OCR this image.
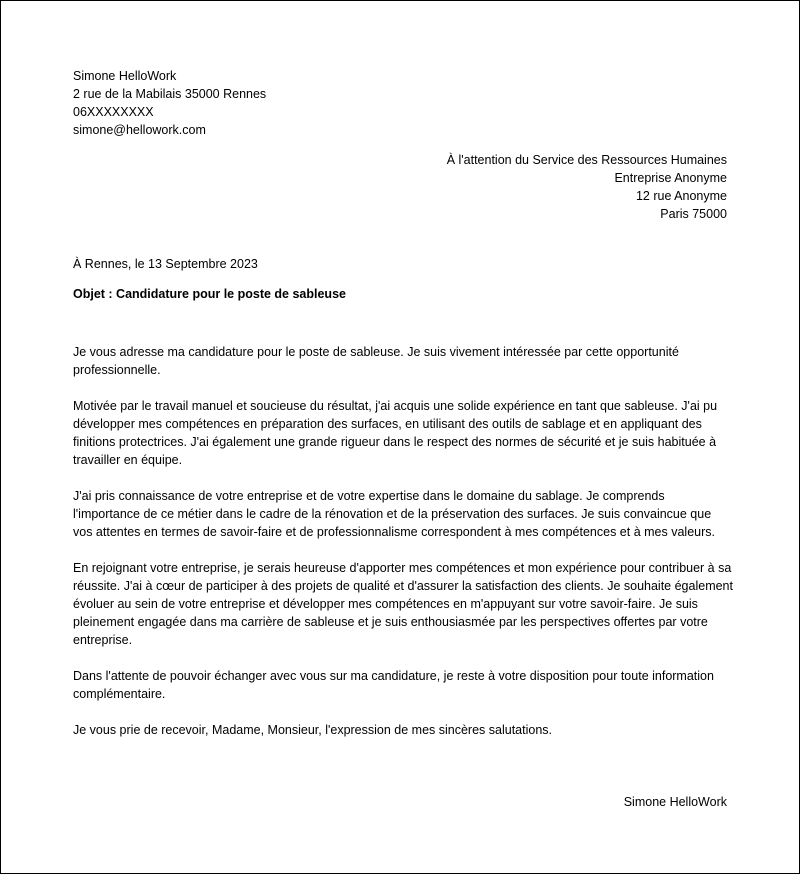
Simone HelloWork
2 rue de la Mabilais 35000 Rennes
06XXXXXXXX
simone@hellowork.com
À l'attention du Service des Ressources Humaines
Entreprise Anonyme
12 rue Anonyme
Paris 75000
À Rennes, le 13 Septembre 2023
Objet : Candidature pour le poste de sableuse

Je vous adresse ma candidature pour le poste de sableuse. Je suis vivement intéressée par cette opportunité professionnelle.

Motivée par le travail manuel et soucieuse du résultat, j'ai acquis une solide expérience en tant que sableuse. J'ai pu développer mes compétences en préparation des surfaces, en utilisant des outils de sablage et en appliquant des finitions protectrices. J'ai également une grande rigueur dans le respect des normes de sécurité et je suis habituée à travailler en équipe.

J'ai pris connaissance de votre entreprise et de votre expertise dans le domaine du sablage. Je comprends l'importance de ce métier dans le cadre de la rénovation et de la préservation des surfaces. Je suis convaincue que vos attentes en termes de savoir-faire et de professionnalisme correspondent à mes compétences et à mes valeurs.

En rejoignant votre entreprise, je serais heureuse d'apporter mes compétences et mon expérience pour contribuer à sa réussite. J'ai à cœur de participer à des projets de qualité et d'assurer la satisfaction des clients. Je souhaite également évoluer au sein de votre entreprise et développer mes compétences en m'appuyant sur votre savoir-faire. Je suis pleinement engagée dans ma carrière de sableuse et je suis enthousiasmée par les perspectives offertes par votre entreprise.

Dans l'attente de pouvoir échanger avec vous sur ma candidature, je reste à votre disposition pour toute information complémentaire.

Je vous prie de recevoir, Madame, Monsieur, l'expression de mes sincères salutations.

Simone HelloWork
